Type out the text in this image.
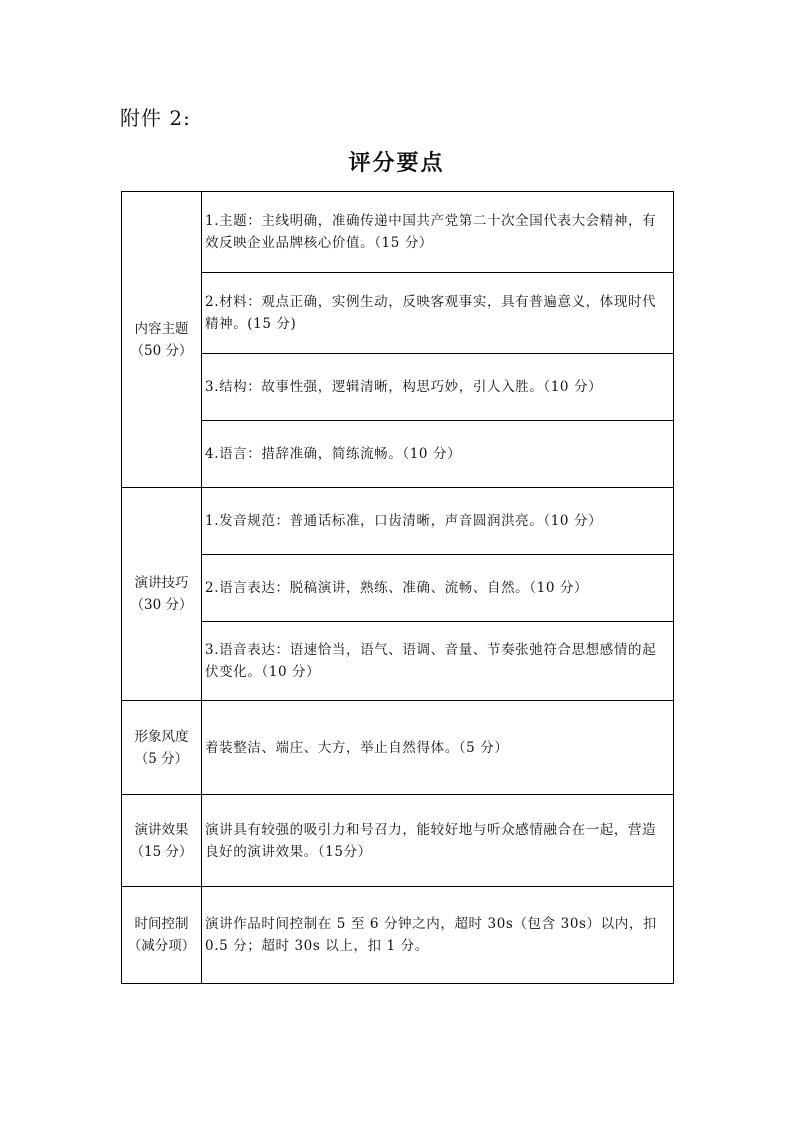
附件 2:
评分要点
内容主题
（50 分）	1.主题：主线明确，准确传递中国共产党第二十次全国代表大会精神，有效反映企业品牌核心价值。（15 分）
	2.材料：观点正确，实例生动，反映客观事实，具有普遍意义，体现时代精神。(15 分)
	3.结构：故事性强，逻辑清晰，构思巧妙，引人入胜。（10 分）
	4.语言：措辞准确，简练流畅。（10 分）

演讲技巧
（30 分）	1.发音规范：普通话标准，口齿清晰，声音圆润洪亮。（10 分）
	2.语言表达：脱稿演讲，熟练、准确、流畅、自然。（10 分）
	3.语音表达：语速恰当，语气、语调、音量、节奏张弛符合思想感情的起伏变化。（10 分）

形象风度
（5 分）	着装整洁、端庄、大方，举止自然得体。（5 分）

演讲效果
（15 分）	演讲具有较强的吸引力和号召力，能较好地与听众感情融合在一起，营造良好的演讲效果。（15分）

时间控制
（减分项）	演讲作品时间控制在 5 至 6 分钟之内，超时 30s（包含 30s）以内，扣 0.5 分；超时 30s 以上，扣 1 分。
